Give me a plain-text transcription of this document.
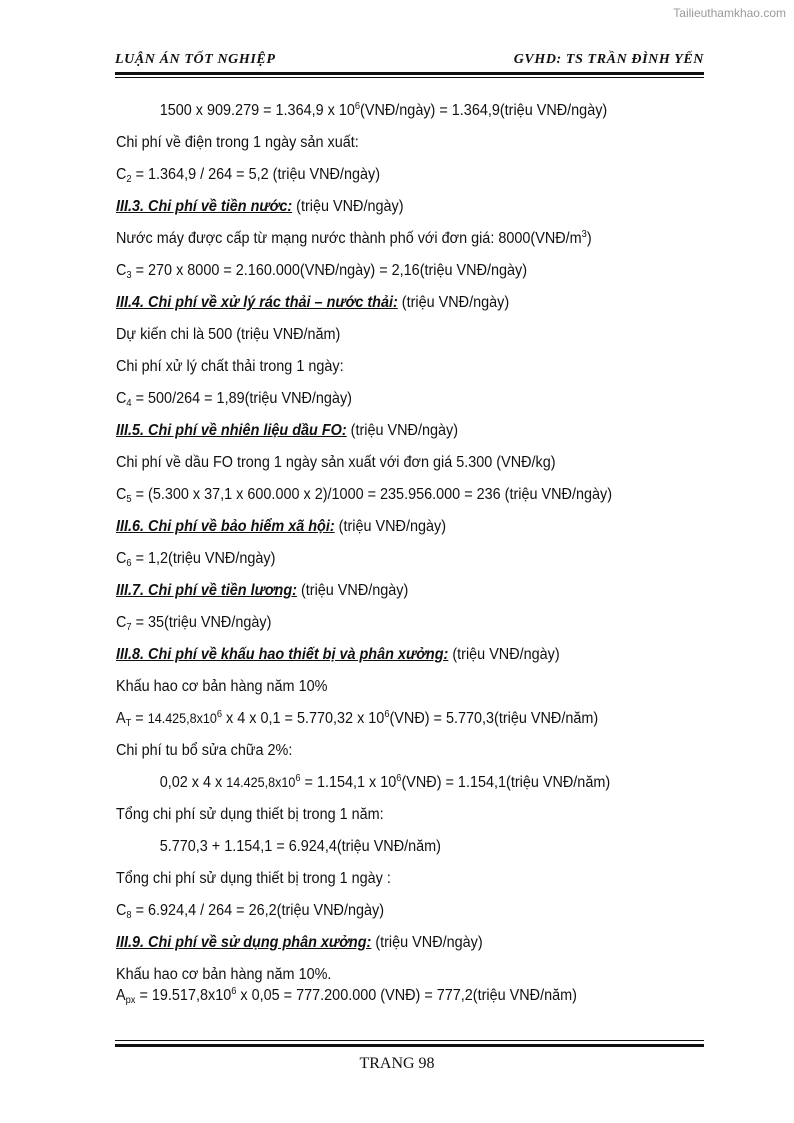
Tailieuthamkhao.com
LUẬN ÁN TỐT NGHIỆP	GVHD: TS TRẦN ĐÌNH YẾN
1500 x 909.279 = 1.364,9 x $10^6(VNĐ/ngày)$ = 1.364,9(triệu VNĐ/ngày)
Chi phí về điện trong 1 ngày sản xuất:
$C_2 = 1.364,9 / 264 = 5,2$ (triệu VNĐ/ngày)
III.3. Chi phí về tiền nước: (triệu VNĐ/ngày)
Nước máy được cấp từ mạng nước thành phố với đơn giá: $8000(VNĐ/m^3)$
$C_3 = 270$ x 8000 = 2.160.000(VNĐ/ngày) = 2,16(triệu VNĐ/ngày)
III.4. Chi phí về xử lý rác thải – nước thải: (triệu VNĐ/ngày)
Dự kiến chi là 500 (triệu VNĐ/năm)
Chi phí xử lý chất thải trong 1 ngày:
$C_4 = 500/264$ = 1,89(triệu VNĐ/ngày)
III.5. Chi phí về nhiên liệu dầu FO: (triệu VNĐ/ngày)
Chi phí về dầu FO trong 1 ngày sản xuất với đơn giá 5.300 (VNĐ/kg)
$C_5 = (5.300$ x 37,1 x 600.000 x 2)/1000 = 235.956.000 = 236 (triệu VNĐ/ngày)
III.6. Chi phí về bảo hiểm xã hội: (triệu VNĐ/ngày)
$C_6$ = 1,2(triệu VNĐ/ngày)
III.7. Chi phí về tiền lương: (triệu VNĐ/ngày)
$C_7$ = 35(triệu VNĐ/ngày)
III.8. Chi phí về khấu hao thiết bị và phân xưởng: (triệu VNĐ/ngày)
Khấu hao cơ bản hàng năm 10%
$A_T = 14.425,8x10^6$ x 4 x 0,1 = 5.770,32 x $10^6(VNĐ)$ = 5.770,3(triệu VNĐ/năm)
Chi phí tu bổ sửa chữa 2%:
0,02 x 4 x $14.425,8x10^6 = 1.154,1$ x $10^6(VNĐ)$ = 1.154,1(triệu VNĐ/năm)
Tổng chi phí sử dụng thiết bị trong 1 năm:
5.770,3 + 1.154,1 = 6.924,4(triệu VNĐ/năm)
Tổng chi phí sử dụng thiết bị trong 1 ngày :
$C_8 = 6.924,4 / 264$ = 26,2(triệu VNĐ/ngày)
III.9. Chi phí về sử dụng phân xưởng: (triệu VNĐ/ngày)
Khấu hao cơ bản hàng năm 10%.
$A_{px} = 19.517,8x10^6$ x 0,05 = 777.200.000 (VNĐ) = 777,2(triệu VNĐ/năm)
TRANG 98
